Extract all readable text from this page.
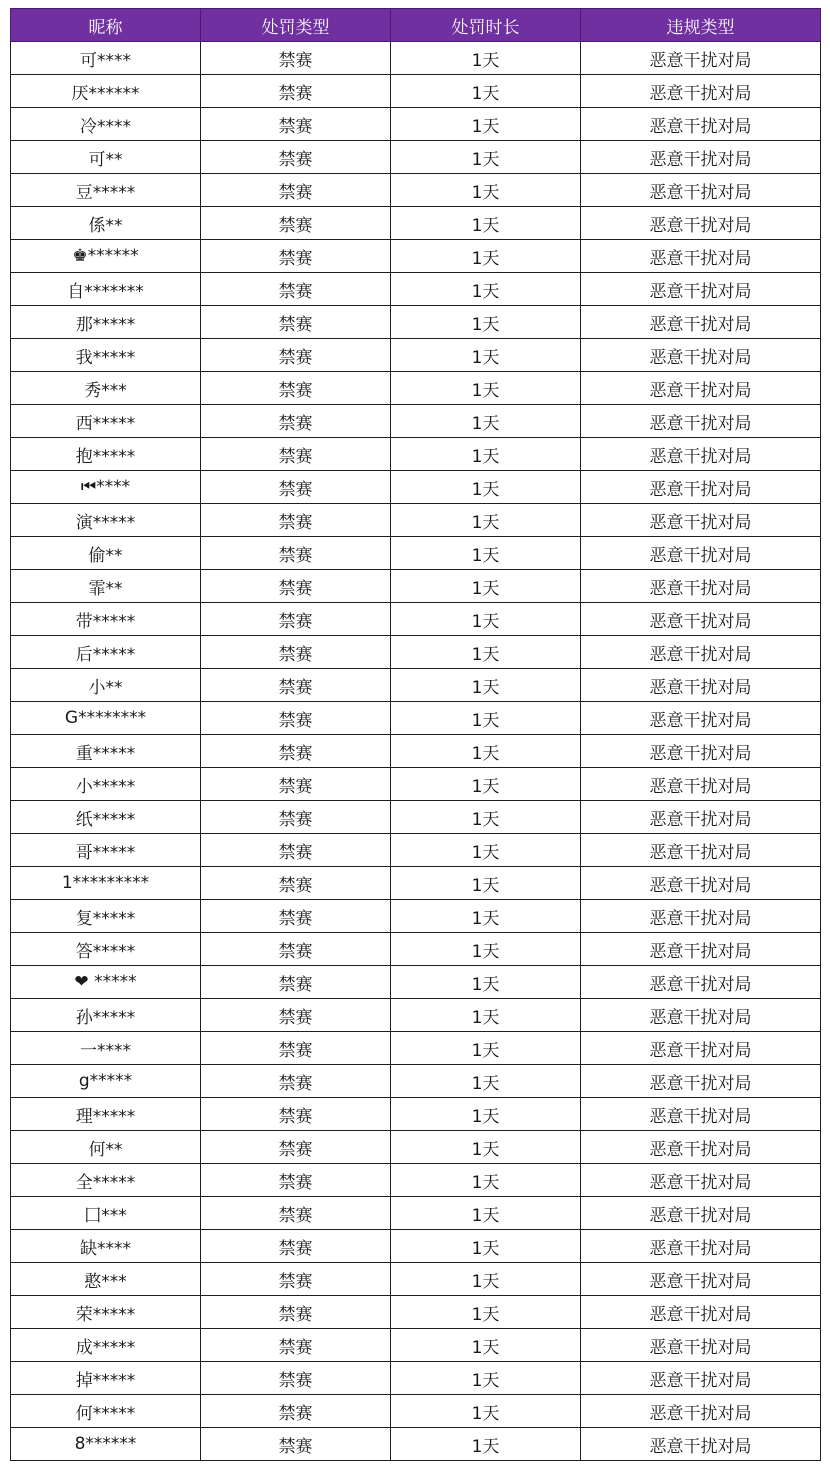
昵称	处罚类型	处罚时长	违规类型
可****	禁赛	1天	恶意干扰对局
厌******	禁赛	1天	恶意干扰对局
冷****	禁赛	1天	恶意干扰对局
可**	禁赛	1天	恶意干扰对局
豆*****	禁赛	1天	恶意干扰对局
係**	禁赛	1天	恶意干扰对局
♚******	禁赛	1天	恶意干扰对局
自*******	禁赛	1天	恶意干扰对局
那*****	禁赛	1天	恶意干扰对局
我*****	禁赛	1天	恶意干扰对局
秀***	禁赛	1天	恶意干扰对局
西*****	禁赛	1天	恶意干扰对局
抱*****	禁赛	1天	恶意干扰对局
⏮****	禁赛	1天	恶意干扰对局
演*****	禁赛	1天	恶意干扰对局
偷**	禁赛	1天	恶意干扰对局
霏**	禁赛	1天	恶意干扰对局
带*****	禁赛	1天	恶意干扰对局
后*****	禁赛	1天	恶意干扰对局
小**	禁赛	1天	恶意干扰对局
G********	禁赛	1天	恶意干扰对局
重*****	禁赛	1天	恶意干扰对局
小*****	禁赛	1天	恶意干扰对局
纸*****	禁赛	1天	恶意干扰对局
哥*****	禁赛	1天	恶意干扰对局
1*********	禁赛	1天	恶意干扰对局
复*****	禁赛	1天	恶意干扰对局
答*****	禁赛	1天	恶意干扰对局
❤ *****	禁赛	1天	恶意干扰对局
孙*****	禁赛	1天	恶意干扰对局
一****	禁赛	1天	恶意干扰对局
g*****	禁赛	1天	恶意干扰对局
理*****	禁赛	1天	恶意干扰对局
何**	禁赛	1天	恶意干扰对局
全*****	禁赛	1天	恶意干扰对局
囗***	禁赛	1天	恶意干扰对局
缺****	禁赛	1天	恶意干扰对局
憨***	禁赛	1天	恶意干扰对局
荣*****	禁赛	1天	恶意干扰对局
成*****	禁赛	1天	恶意干扰对局
掉*****	禁赛	1天	恶意干扰对局
何*****	禁赛	1天	恶意干扰对局
8******	禁赛	1天	恶意干扰对局
